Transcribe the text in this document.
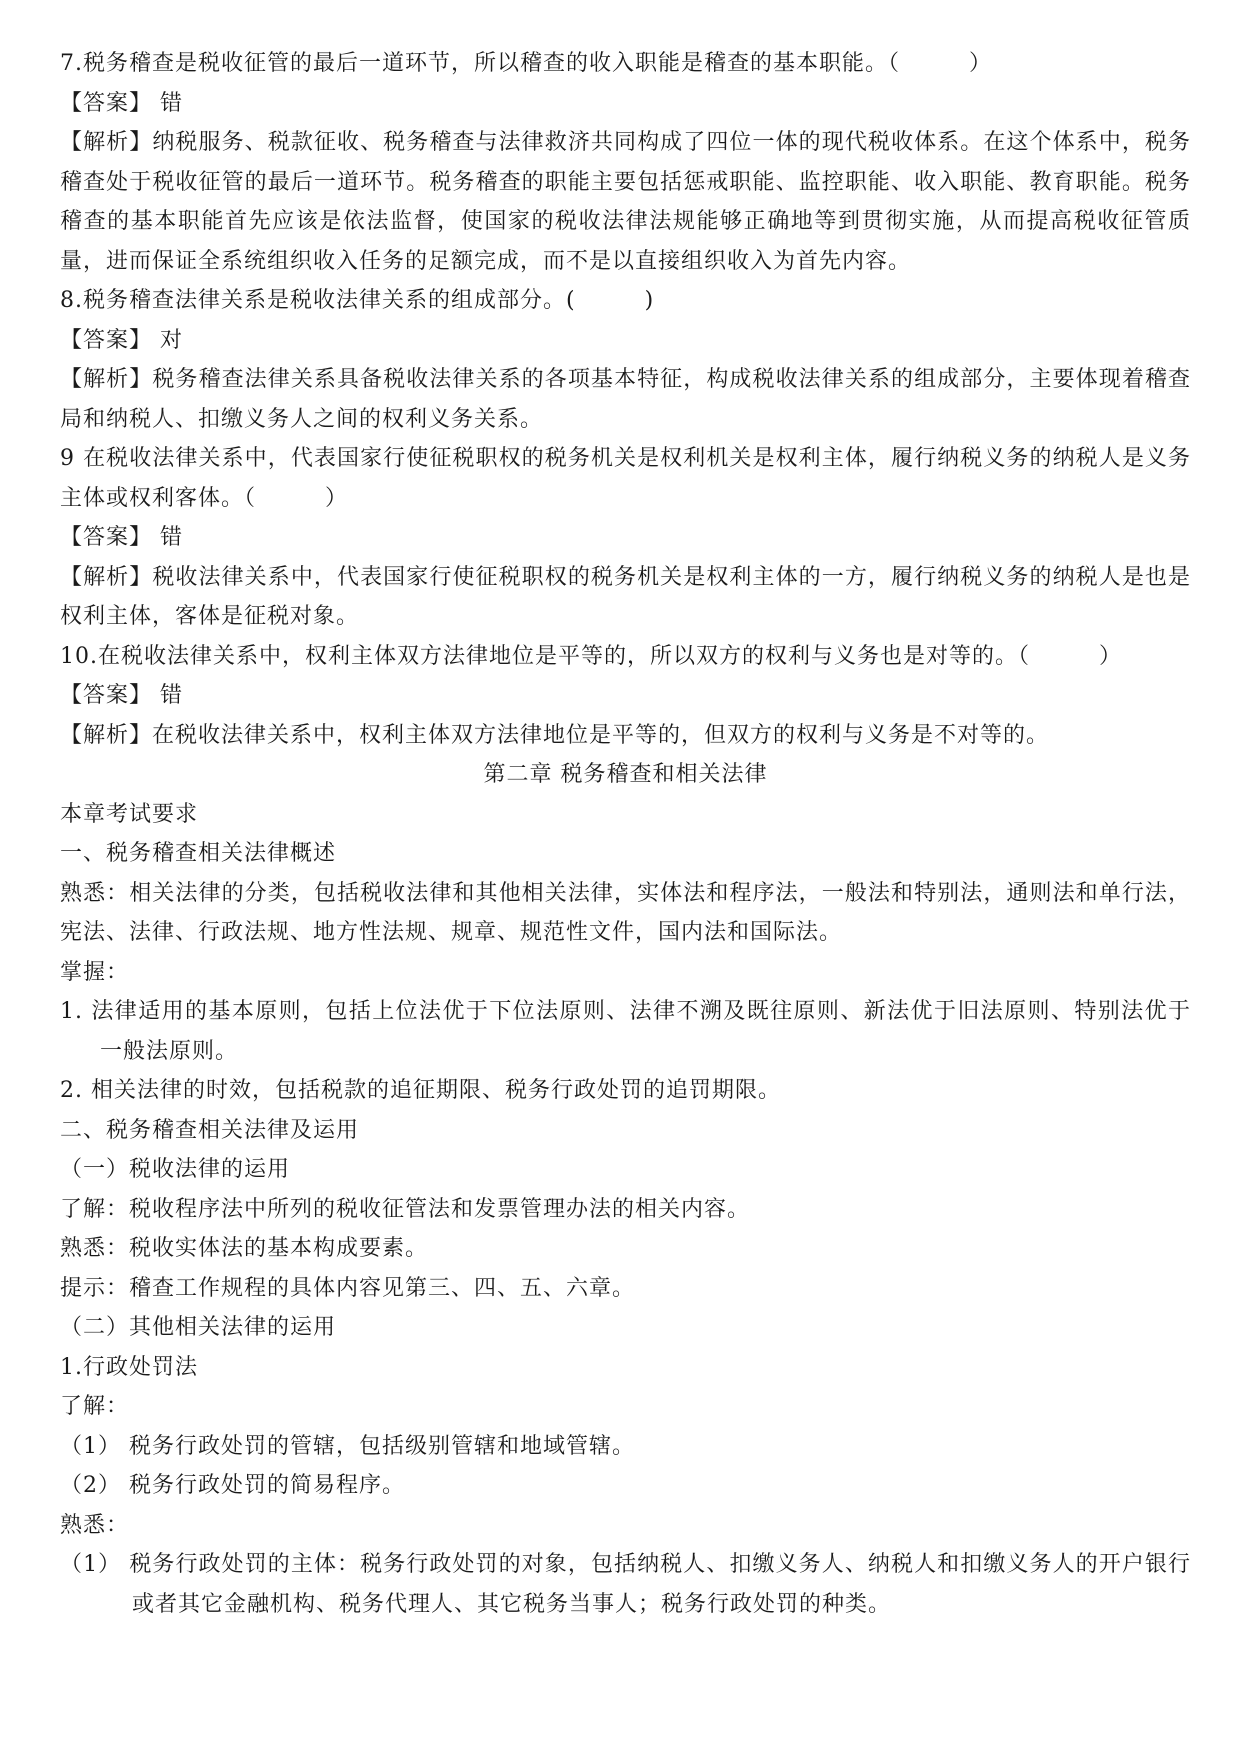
7.税务稽查是税收征管的最后一道环节，所以稽查的收入职能是稽查的基本职能。（　　　）
【答案】 错
【解析】纳税服务、税款征收、税务稽查与法律救济共同构成了四位一体的现代税收体系。在这个体系中，税务稽查处于税收征管的最后一道环节。税务稽查的职能主要包括惩戒职能、监控职能、收入职能、教育职能。税务稽查的基本职能首先应该是依法监督，使国家的税收法律法规能够正确地等到贯彻实施，从而提高税收征管质量，进而保证全系统组织收入任务的足额完成，而不是以直接组织收入为首先内容。
8.税务稽查法律关系是税收法律关系的组成部分。(　　　)
【答案】 对
【解析】税务稽查法律关系具备税收法律关系的各项基本特征，构成税收法律关系的组成部分，主要体现着稽查局和纳税人、扣缴义务人之间的权利义务关系。
9 在税收法律关系中，代表国家行使征税职权的税务机关是权利机关是权利主体，履行纳税义务的纳税人是义务主体或权利客体。（　　　）
【答案】 错
【解析】税收法律关系中，代表国家行使征税职权的税务机关是权利主体的一方，履行纳税义务的纳税人是也是权利主体，客体是征税对象。
10.在税收法律关系中，权利主体双方法律地位是平等的，所以双方的权利与义务也是对等的。（　　　）
【答案】 错
【解析】在税收法律关系中，权利主体双方法律地位是平等的，但双方的权利与义务是不对等的。
第二章 税务稽查和相关法律
本章考试要求
一、税务稽查相关法律概述
熟悉：相关法律的分类，包括税收法律和其他相关法律，实体法和程序法，一般法和特别法，通则法和单行法，宪法、法律、行政法规、地方性法规、规章、规范性文件，国内法和国际法。
掌握：
1. 法律适用的基本原则，包括上位法优于下位法原则、法律不溯及既往原则、新法优于旧法原则、特别法优于一般法原则。
2. 相关法律的时效，包括税款的追征期限、税务行政处罚的追罚期限。
二、税务稽查相关法律及运用
（一）税收法律的运用
了解：税收程序法中所列的税收征管法和发票管理办法的相关内容。
熟悉：税收实体法的基本构成要素。
提示：稽查工作规程的具体内容见第三、四、五、六章。
（二）其他相关法律的运用
1.行政处罚法
了解：
（1） 税务行政处罚的管辖，包括级别管辖和地域管辖。
（2） 税务行政处罚的简易程序。
熟悉：
（1） 税务行政处罚的主体：税务行政处罚的对象，包括纳税人、扣缴义务人、纳税人和扣缴义务人的开户银行或者其它金融机构、税务代理人、其它税务当事人；税务行政处罚的种类。
